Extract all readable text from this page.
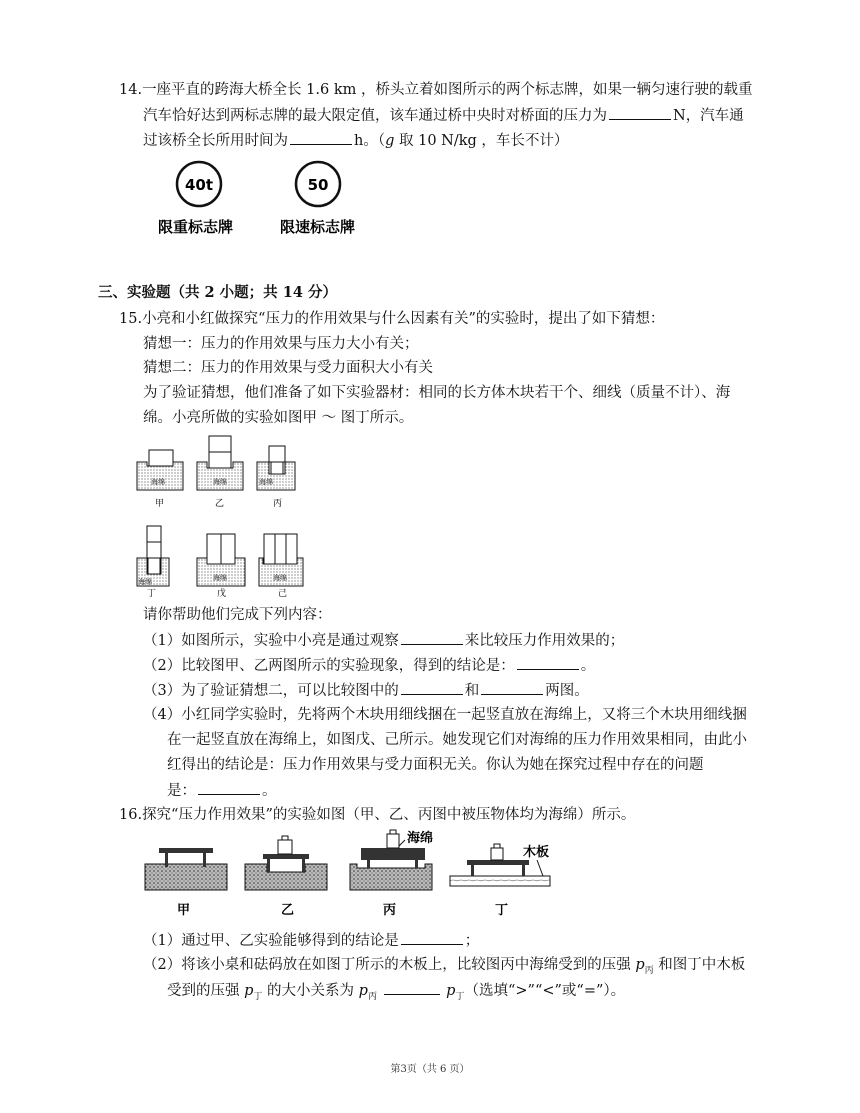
14.一座平直的跨海大桥全长 1.6 km ，桥头立着如图所示的两个标志牌，如果一辆匀速行驶的载重
汽车恰好达到两标志牌的最大限定值，该车通过桥中央时对桥面的压力为	N，汽车通
过该桥全长所用时间为	h。（g 取 10 N/kg ，车长不计）
40t	50
限重标志牌	限速标志牌
三、实验题（共 2 小题；共 14 分）
15.小亮和小红做探究“压力的作用效果与什么因素有关”的实验时，提出了如下猜想：
猜想一：压力的作用效果与压力大小有关；
猜想二：压力的作用效果与受力面积大小有关
为了验证猜想，他们准备了如下实验器材：相同的长方体木块若干个、细线（质量不计）、海
绵。小亮所做的实验如图甲 ～ 图丁所示。
海绵
甲
海绵
乙
海绵
丙
海绵
丁
海绵
戊
海绵
己
请你帮助他们完成下列内容：
（1）如图所示，实验中小亮是通过观察	来比较压力作用效果的；
（2）比较图甲、乙两图所示的实验现象，得到的结论是：	。
（3）为了验证猜想二，可以比较图中的	和	两图。
（4）小红同学实验时，先将两个木块用细线捆在一起竖直放在海绵上，又将三个木块用细线捆
在一起竖直放在海绵上，如图戊、己所示。她发现它们对海绵的压力作用效果相同，由此小
红得出的结论是：压力作用效果与受力面积无关。你认为她在探究过程中存在的问题
是：	。
16.探究“压力作用效果”的实验如图（甲、乙、丙图中被压物体均为海绵）所示。
甲	乙
海绵
丙
木板
丁
（1）通过甲、乙实验能够得到的结论是	；
（2）将该小桌和砝码放在如图丁所示的木板上，比较图丙中海绵受到的压强 $p_丙$ 和图丁中木板
受到的压强 $p_丁$ 的大小关系为 $p_丙$	$p_丁$（选填“>”“<”或“=”）。
第3页（共 6 页）
